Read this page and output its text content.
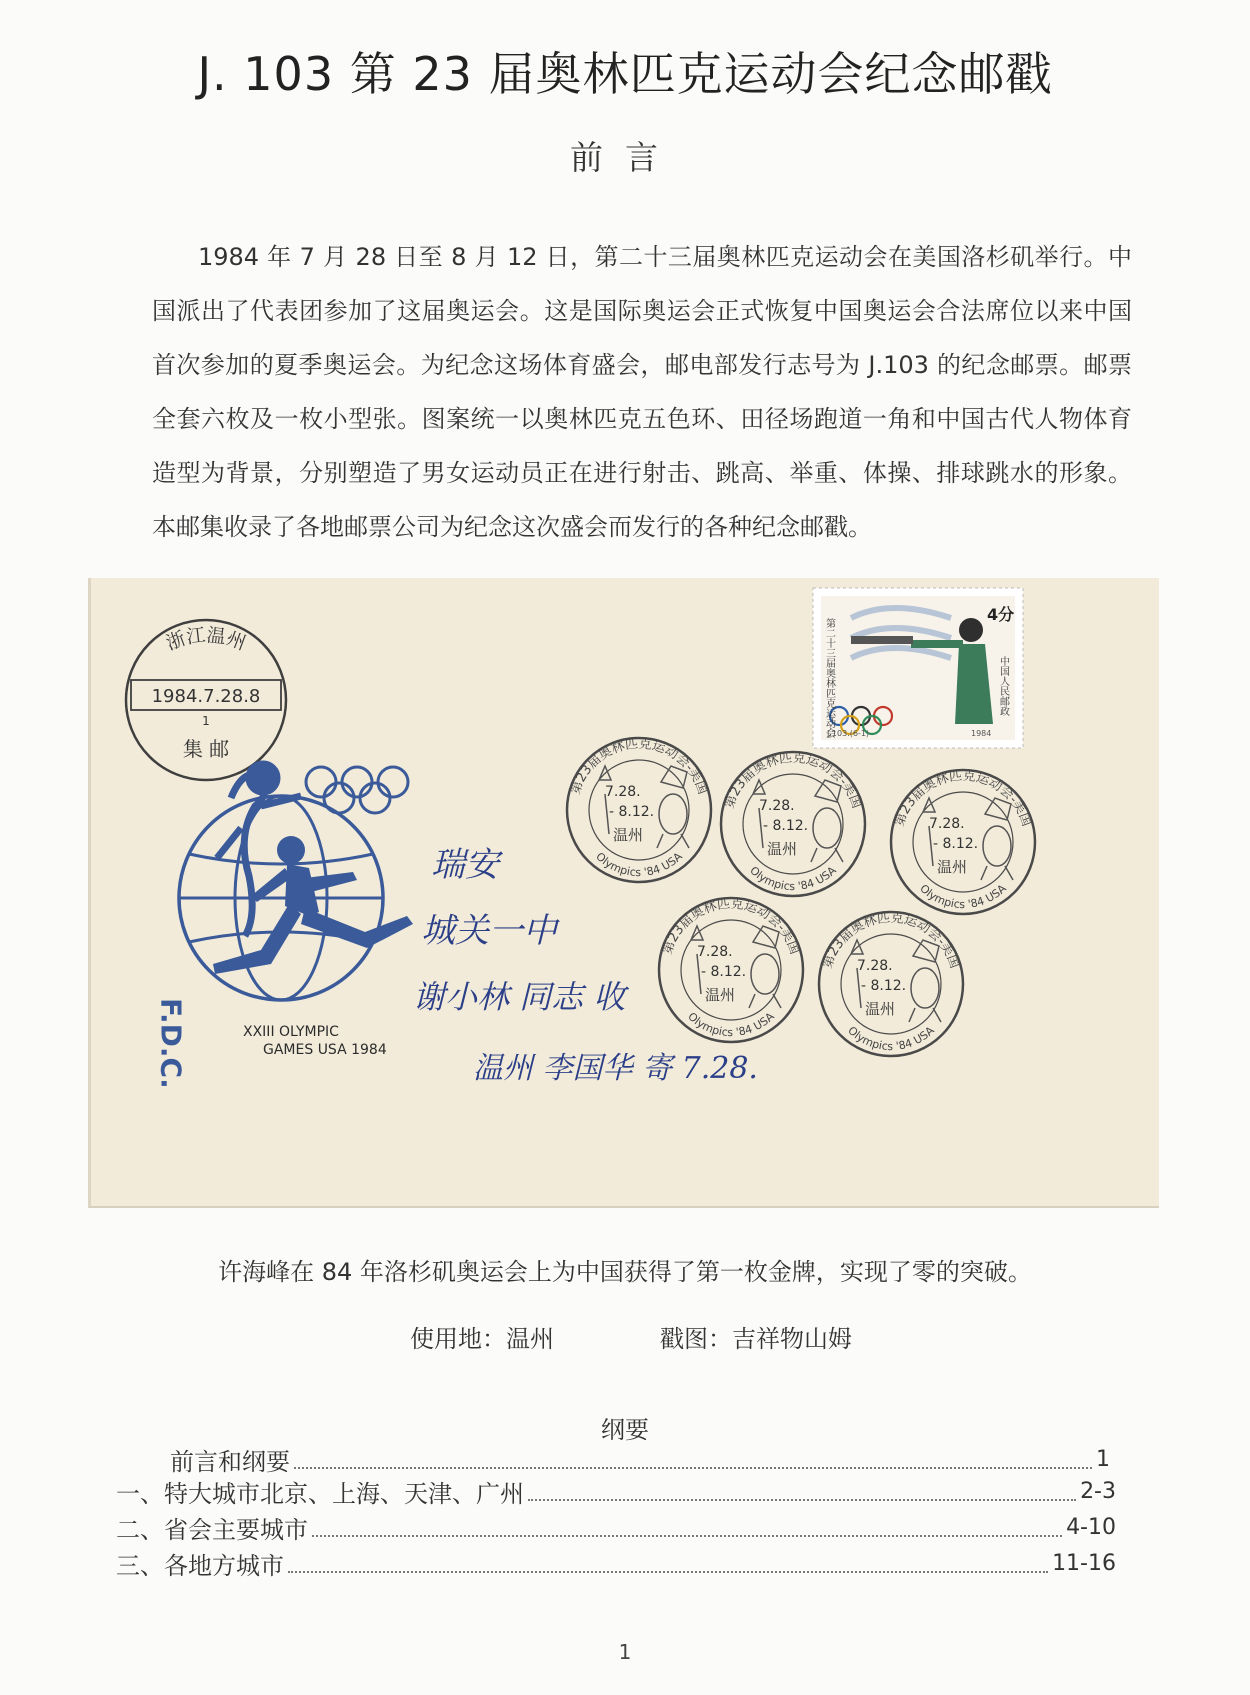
J. 103 第 23 届奥林匹克运动会纪念邮戳
前言

1984 年 7 月 28 日至 8 月 12 日，第二十三届奥林匹克运动会在美国洛杉矶举行。中国派出了代表团参加了这届奥运会。这是国际奥运会正式恢复中国奥运会合法席位以来中国首次参加的夏季奥运会。为纪念这场体育盛会，邮电部发行志号为 J.103 的纪念邮票。邮票全套六枚及一枚小型张。图案统一以奥林匹克五色环、田径场跑道一角和中国古代人物体育造型为背景，分别塑造了男女运动员正在进行射击、跳高、举重、体操、排球跳水的形象。本邮集收录了各地邮票公司为纪念这次盛会而发行的各种纪念邮戳。

'84 USA
2.
浙江温州
1984.7.28.8
1
集 邮
F.D.C.	XXIII OLYMPIC
GAMES USA 1984
第二十三届奥林匹克运动会	中国人民邮政
4分
J.103.(6-1)	1984
瑞安
城关一中
谢小林 同志 收
温州 李国华 寄 7.28.
许海峰在 84 年洛杉矶奥运会上为中国获得了第一枚金牌，实现了零的突破。
使用地：温州	戳图：吉祥物山姆
纲要
前言和纲要	1
一、特大城市北京、上海、天津、广州	2-3
二、省会主要城市	4-10
三、各地方城市	11-16
1
